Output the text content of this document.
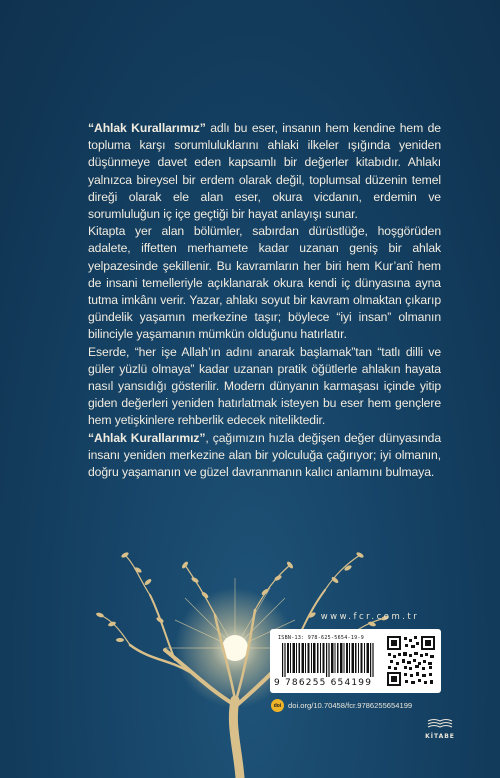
“Ahlak Kurallarımız” adlı bu eser, insanın hem kendine hem de topluma karşı sorumluluklarını ahlaki ilkeler ışığında yeniden düşünmeye davet eden kapsamlı bir değerler kitabıdır. Ahlakı yalnızca bireysel bir erdem olarak değil, toplumsal düzenin temel direği olarak ele alan eser, okura vicdanın, erdemin ve sorumluluğun iç içe geçtiği bir hayat anlayışı sunar.

Kitapta yer alan bölümler, sabırdan dürüstlüğe, hoşgörüden adalete, iffetten merhamete kadar uzanan geniş bir ahlak yelpazesinde şekillenir. Bu kavramların her biri hem Kur’anî hem de insani temelleriyle açıklanarak okura kendi iç dünyasına ayna tutma imkânı verir. Yazar, ahlakı soyut bir kavram olmaktan çıkarıp gündelik yaşamın merkezine taşır; böylece “iyi insan” olmanın bilinciyle yaşamanın mümkün olduğunu hatırlatır.

Eserde, “her işe Allah’ın adını anarak başlamak”tan “tatlı dilli ve güler yüzlü olmaya” kadar uzanan pratik öğütlerle ahlakın hayata nasıl yansıdığı gösterilir. Modern dünyanın karmaşası içinde yitip giden değerleri yeniden hatırlatmak isteyen bu eser hem gençlere hem yetişkinlere rehberlik edecek niteliktedir.

“Ahlak Kurallarımız”, çağımızın hızla değişen değer dünyasında insanı yeniden merkezine alan bir yolculuğa çağırıyor; iyi olmanın, doğru yaşamanın ve güzel davranmanın kalıcı anlamını bulmaya.

www.fcr.com.tr
ISBN-13: 978-625-5654-19-9
9 786255 654199
doi doi.org/10.70458/fcr.9786255654199
KİTABE
